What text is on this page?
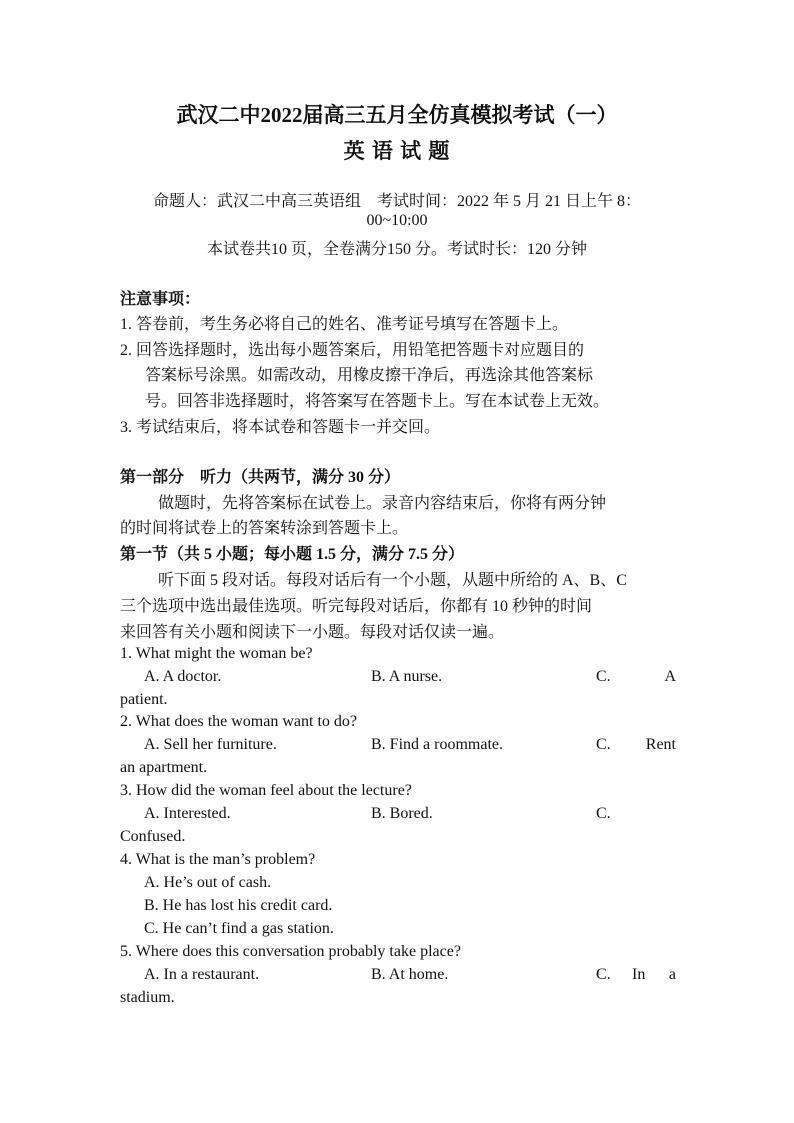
武汉二中2022届高三五月全仿真模拟考试（一）
英 语 试 题
命题人：武汉二中高三英语组　考试时间：2022 年 5 月 21 日上午 8：
00~10:00
本试卷共10 页，全卷满分150 分。考试时长：120 分钟
注意事项：
1. 答卷前，考生务必将自己的姓名、准考证号填写在答题卡上。
2. 回答选择题时，选出每小题答案后，用铅笔把答题卡对应题目的
答案标号涂黑。如需改动，用橡皮擦干净后，再选涂其他答案标
号。回答非选择题时，将答案写在答题卡上。写在本试卷上无效。
3. 考试结束后，将本试卷和答题卡一并交回。
第一部分　听力（共两节，满分 30 分）
做题时，先将答案标在试卷上。录音内容结束后，你将有两分钟
的时间将试卷上的答案转涂到答题卡上。
第一节（共 5 小题；每小题 1.5 分，满分 7.5 分）
听下面 5 段对话。每段对话后有一个小题，从题中所给的 A、B、C
三个选项中选出最佳选项。听完每段对话后，你都有 10 秒钟的时间
来回答有关小题和阅读下一小题。每段对话仅读一遍。
1. What might the woman be?
A. A doctor.	B. A nurse.	C.	A
patient.
2. What does the woman want to do?
A. Sell her furniture.	B. Find a roommate.	C. Rent
an apartment.
3. How did the woman feel about the lecture?
A. Interested.	B. Bored.	C.
Confused.
4. What is the man’s problem?
A. He’s out of cash.
B. He has lost his credit card.
C. He can’t find a gas station.
5. Where does this conversation probably take place?
A. In a restaurant.	B. At home.	C. In a
stadium.
